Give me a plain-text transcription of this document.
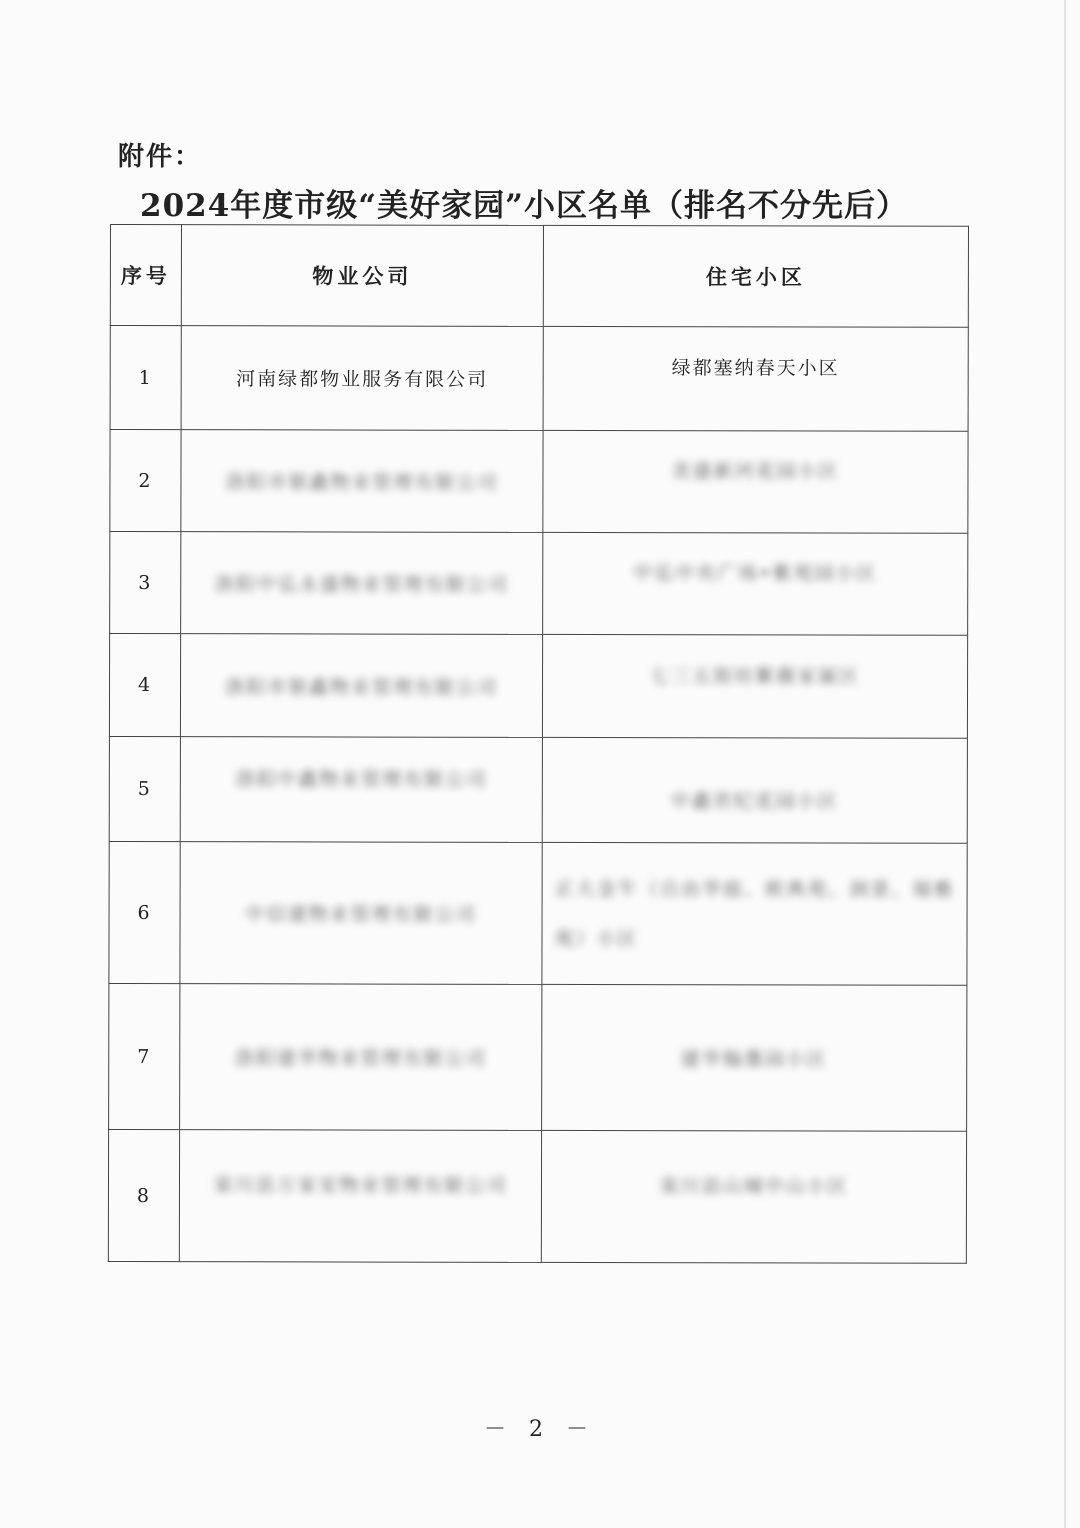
附件：
2024年度市级“美好家园”小区名单（排名不分先后）
序号	物业公司	住宅小区
1	河南绿都物业服务有限公司	绿都塞纳春天小区

2	洛阳市银鑫物业管理有限公司	美盛新河花园小区

3	洛阳中弘永盛物业管理有限公司	中弘中央广场•紫苑园小区

4	洛阳市银鑫物业管理有限公司	七三五街坊紫薇家属区

5	洛阳中鑫物业管理有限公司	中鑫世纪花园小区

6	中信建物业管理有限公司	正大金牛（自由华庭、欧典苑、润景、瑞雅苑）小区
7	洛阳建华物业管理有限公司	建华翰墨园小区
8	栾川县万家安物业管理有限公司	栾川县山城中山小区
－ 2 －
